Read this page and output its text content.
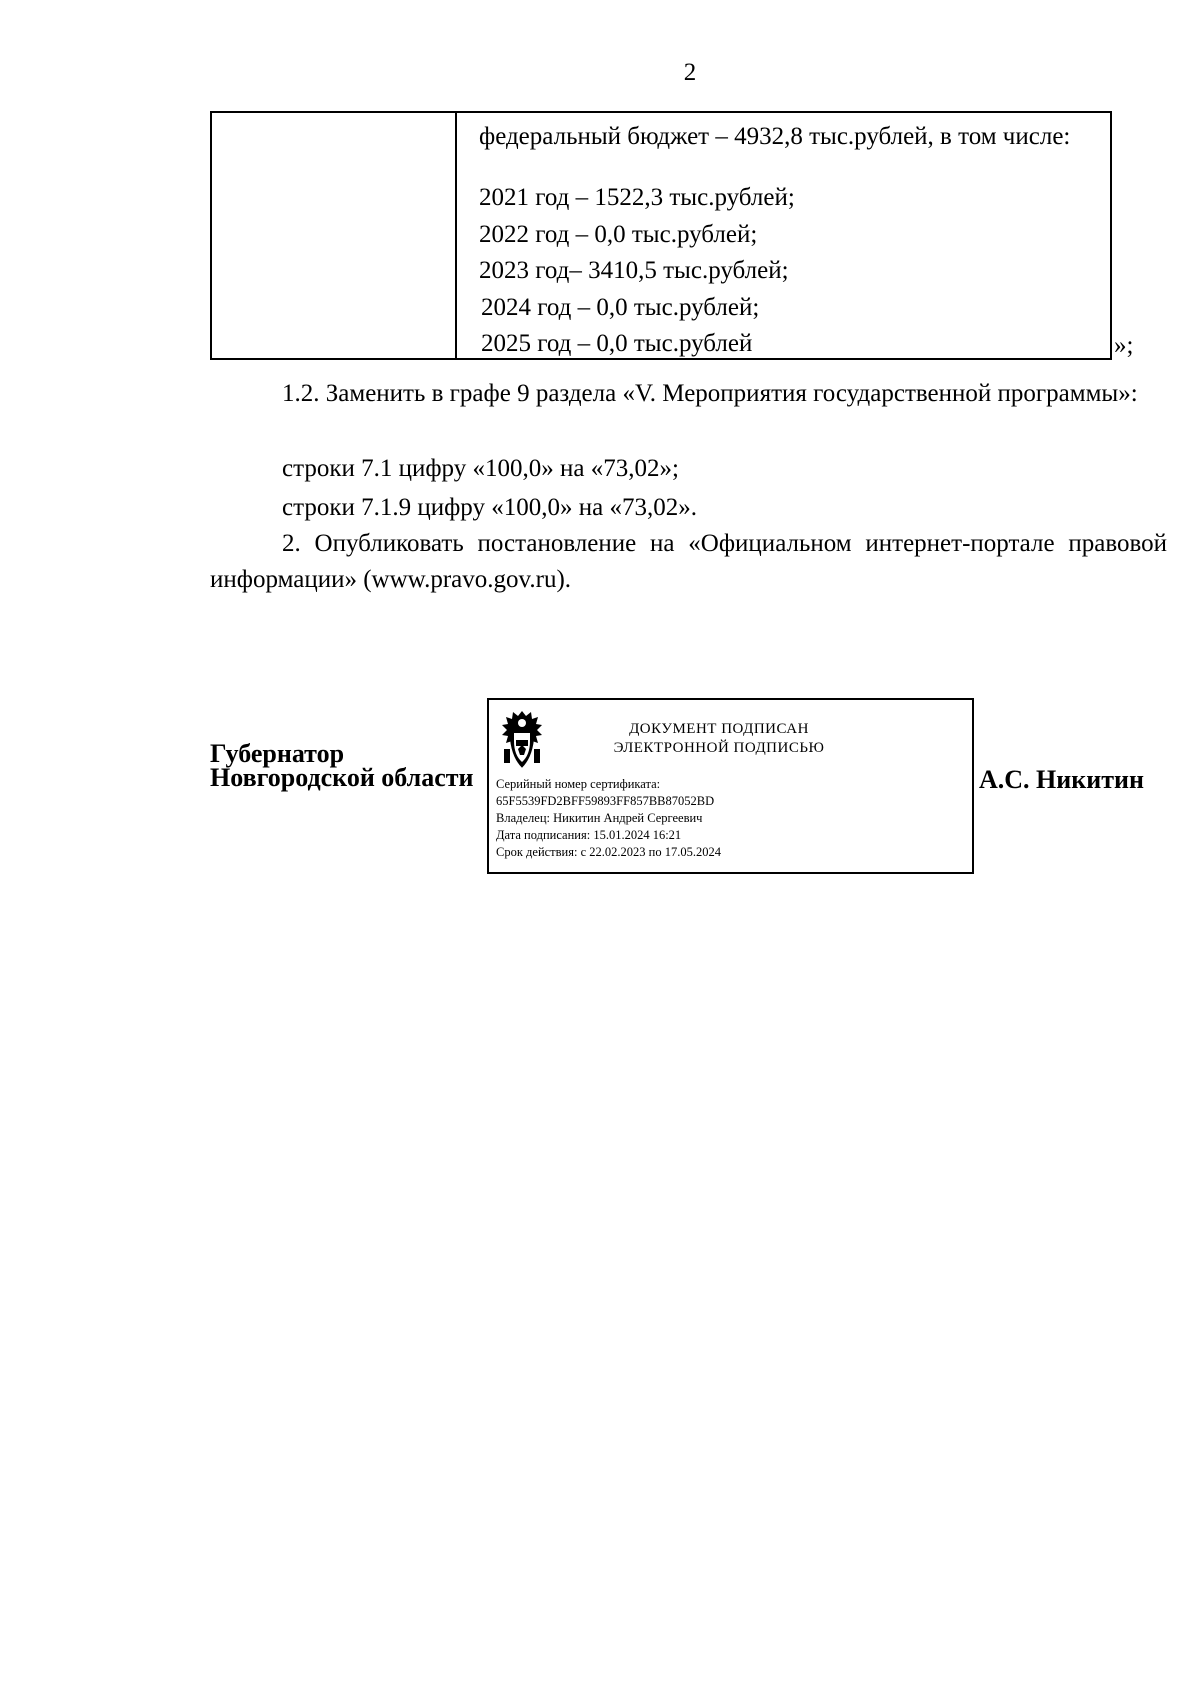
2
федеральный бюджет – 4932,8 тыс.рублей, в том числе:
2021 год – 1522,3 тыс.рублей;
2022 год – 0,0 тыс.рублей;
2023 год– 3410,5 тыс.рублей;
2024 год – 0,0 тыс.рублей;
2025 год – 0,0 тыс.рублей	»;
1.2. Заменить в графе 9 раздела «V. Мероприятия государственной программы»:
строки 7.1 цифру «100,0» на «73,02»;
строки 7.1.9 цифру «100,0» на «73,02».
2. Опубликовать постановление на «Официальном интернет-портале правовой информации» (www.pravo.gov.ru).
Губернатор
Новгородской области
ДОКУМЕНТ ПОДПИСАН
ЭЛЕКТРОННОЙ ПОДПИСЬЮ
Серийный номер сертификата:
65F5539FD2BFF59893FF857BB87052BD
Владелец: Никитин Андрей Сергеевич
Дата подписания: 15.01.2024 16:21
Срок действия: с 22.02.2023 по 17.05.2024
А.С. Никитин
